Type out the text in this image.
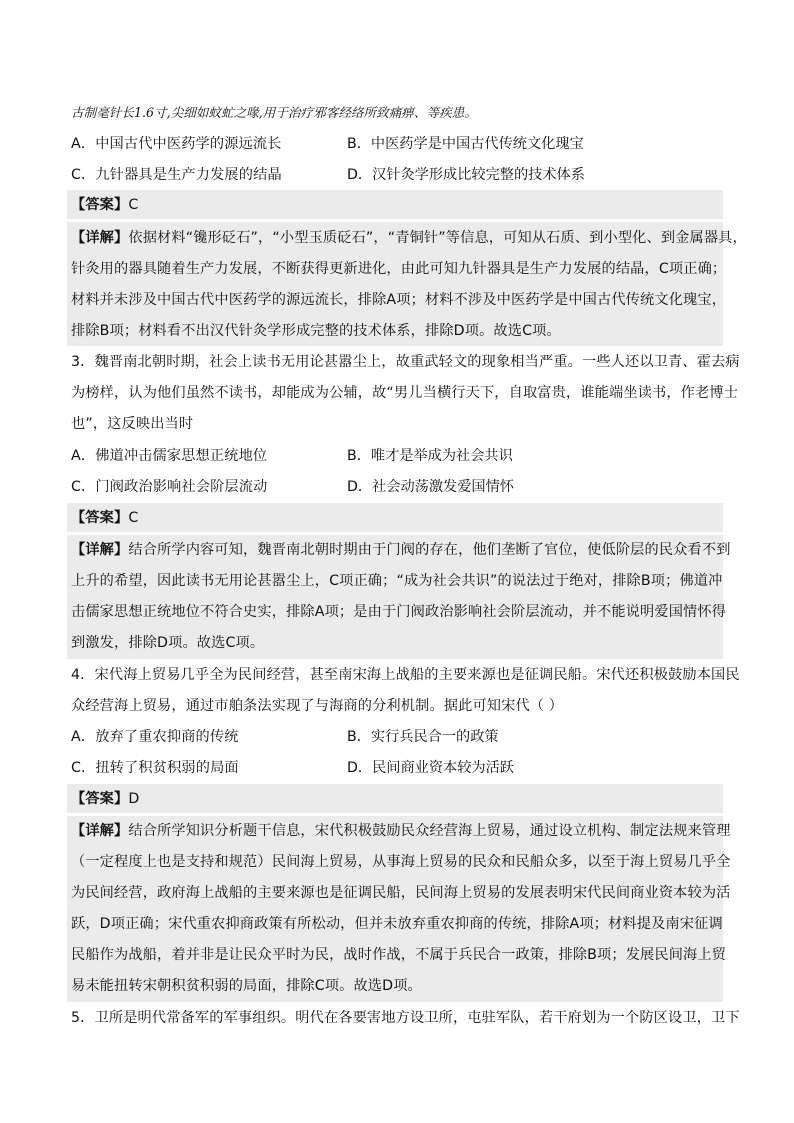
古制毫针长1.6寸,尖细如蚊虻之喙,用于治疗邪客经络所致痛痹、等疾患。
A．中国古代中医药学的源远流长	B．中医药学是中国古代传统文化瑰宝
C．九针器具是生产力发展的结晶	D．汉针灸学形成比较完整的技术体系
【答案】C
【详解】依据材料“镵形砭石”，“小型玉质砭石”，“青铜针”等信息，可知从石质、到小型化、到金属器具，
针灸用的器具随着生产力发展，不断获得更新进化，由此可知九针器具是生产力发展的结晶，C项正确；
材料并未涉及中国古代中医药学的源远流长，排除A项；材料不涉及中医药学是中国古代传统文化瑰宝，
排除B项；材料看不出汉代针灸学形成完整的技术体系，排除D项。故选C项。
3．魏晋南北朝时期，社会上读书无用论甚嚣尘上，故重武轻文的现象相当严重。一些人还以卫青、霍去病
为榜样，认为他们虽然不读书，却能成为公辅，故“男儿当横行天下，自取富贵，谁能端坐读书，作老博士
也”，这反映出当时
A．佛道冲击儒家思想正统地位	B．唯才是举成为社会共识
C．门阀政治影响社会阶层流动	D．社会动荡激发爱国情怀
【答案】C
【详解】结合所学内容可知，魏晋南北朝时期由于门阀的存在，他们垄断了官位，使低阶层的民众看不到
上升的希望，因此读书无用论甚嚣尘上，C项正确；“成为社会共识”的说法过于绝对，排除B项；佛道冲
击儒家思想正统地位不符合史实，排除A项；是由于门阀政治影响社会阶层流动，并不能说明爱国情怀得
到激发，排除D项。故选C项。
4．宋代海上贸易几乎全为民间经营，甚至南宋海上战船的主要来源也是征调民船。宋代还积极鼓励本国民
众经营海上贸易，通过市舶条法实现了与海商的分利机制。据此可知宋代（ ）
A．放弃了重农抑商的传统	B．实行兵民合一的政策
C．扭转了积贫积弱的局面	D．民间商业资本较为活跃
【答案】D
【详解】结合所学知识分析题干信息，宋代积极鼓励民众经营海上贸易，通过设立机构、制定法规来管理
（一定程度上也是支持和规范）民间海上贸易，从事海上贸易的民众和民船众多，以至于海上贸易几乎全
为民间经营，政府海上战船的主要来源也是征调民船，民间海上贸易的发展表明宋代民间商业资本较为活
跃，D项正确；宋代重农抑商政策有所松动，但并未放弃重农抑商的传统，排除A项；材料提及南宋征调
民船作为战船，着并非是让民众平时为民，战时作战，不属于兵民合一政策，排除B项；发展民间海上贸
易未能扭转宋朝积贫积弱的局面，排除C项。故选D项。
5．卫所是明代常备军的军事组织。明代在各要害地方设卫所，屯驻军队，若干府划为一个防区设卫，卫下
